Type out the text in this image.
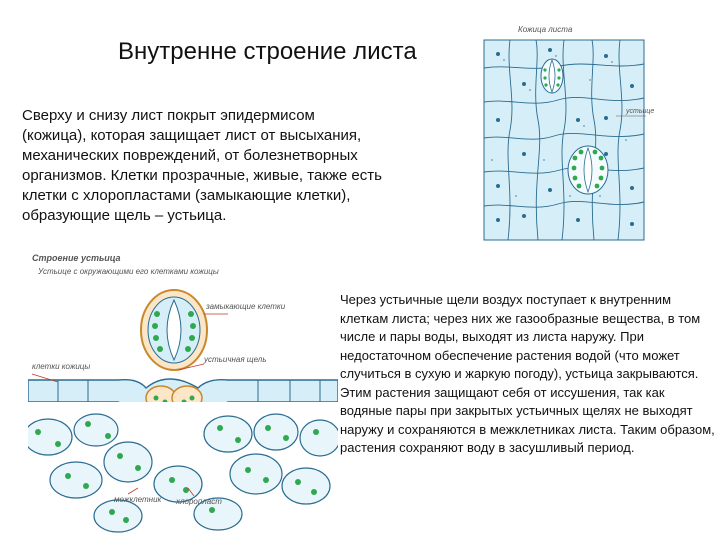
Внутренне строение листа
Сверху и снизу лист покрыт эпидермисом (кожица), которая защищает лист от высыхания, механических повреждений, от болезнетворных организмов. Клетки прозрачные, живые, также есть клетки с хлоропластами (замыкающие клетки), образующие щель – устьица.
Через устьичные щели воздух поступает к внутренним клеткам листа; через них же газообразные вещества, в том числе и пары воды, выходят из листа наружу. При недостаточном обеспечение растения водой (что может случиться в сухую и жаркую погоду), устьица закрываются. Этим растения защищают себя от иссушения, так как водяные пары при закрытых устьичных щелях не выходят наружу и сохраняются в межклетниках листа. Таким образом, растения сохраняют воду в засушливый период.
Кожица листа
устьице
Строение устьица
Устьице с окружающими его клетками кожицы
замыкающие клетки
клетки кожицы
устьичная щель
межклетник хлоропласт
